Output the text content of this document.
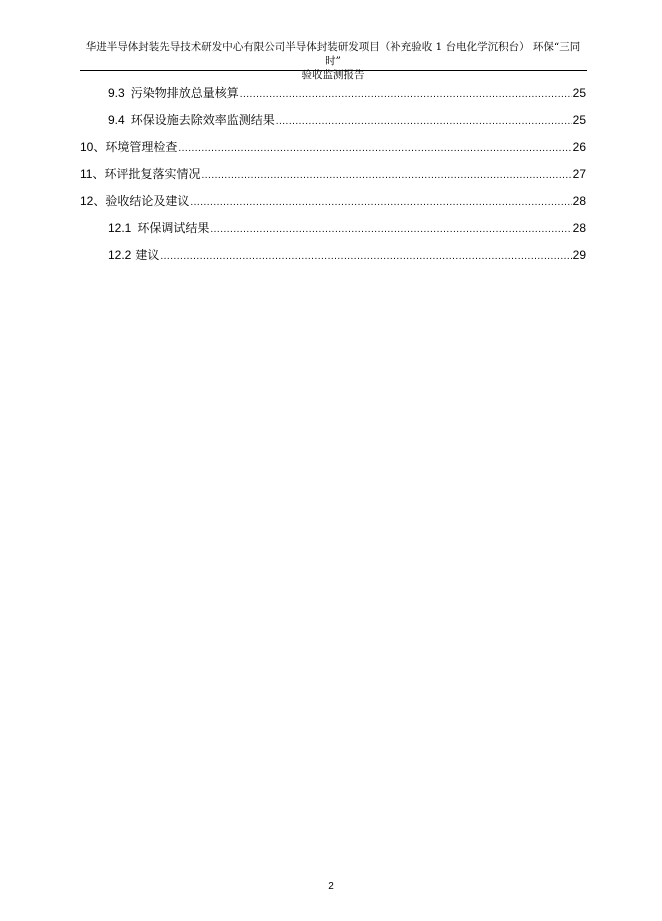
华进半导体封装先导技术研发中心有限公司半导体封装研发项目（补充验收 1 台电化学沉积台） 环保“三同时”
验收监测报告
9.3 污染物排放总量核算 .....	25
9.4 环保设施去除效率监测结果 .....	25
10、 环境管理检查 .....	26
11、 环评批复落实情况 .....	27
12、 验收结论及建议 .....	28
12.1 环保调试结果 .....	28
12.2 建议 .....	29
2
